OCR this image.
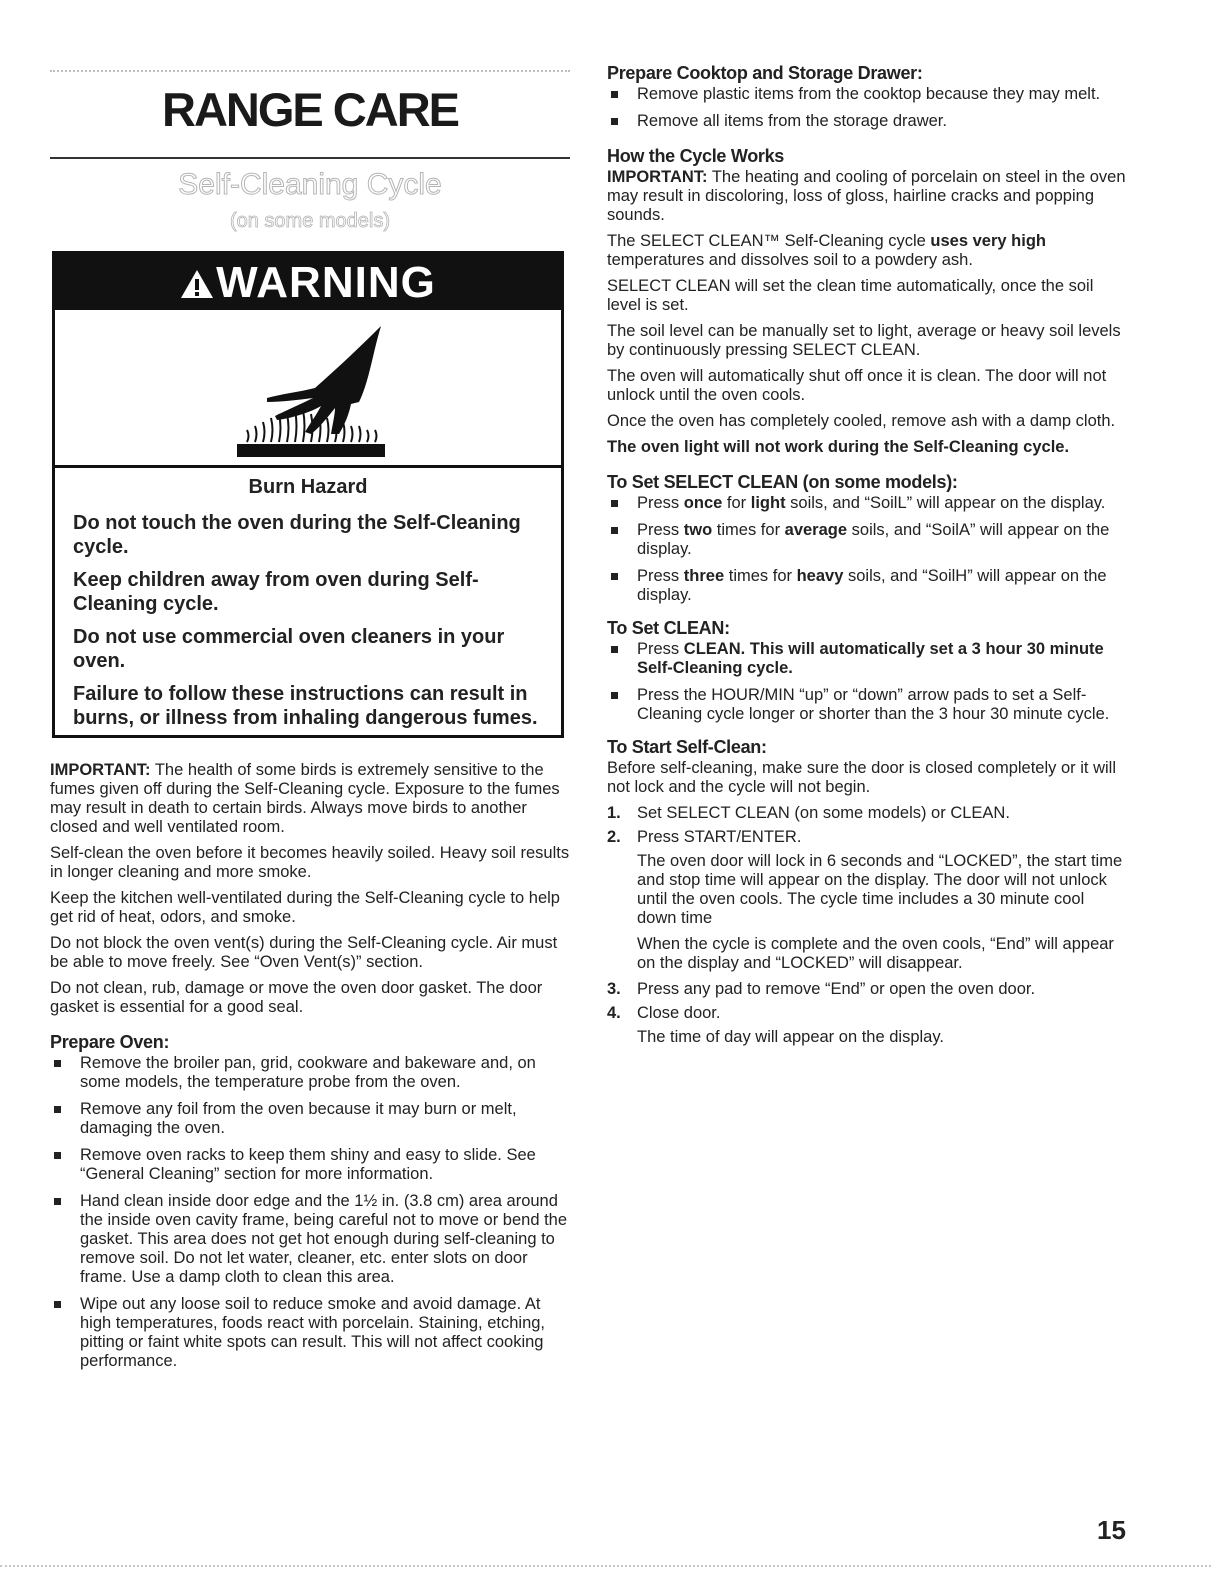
RANGE CARE
Self-Cleaning Cycle
(on some models)
WARNING
Burn Hazard
Do not touch the oven during the Self-Cleaning cycle.
Keep children away from oven during Self-Cleaning cycle.
Do not use commercial oven cleaners in your oven.
Failure to follow these instructions can result in burns, or illness from inhaling dangerous fumes.

IMPORTANT: The health of some birds is extremely sensitive to the fumes given off during the Self-Cleaning cycle. Exposure to the fumes may result in death to certain birds. Always move birds to another closed and well ventilated room.

Self-clean the oven before it becomes heavily soiled. Heavy soil results in longer cleaning and more smoke.

Keep the kitchen well-ventilated during the Self-Cleaning cycle to help get rid of heat, odors, and smoke.

Do not block the oven vent(s) during the Self-Cleaning cycle. Air must be able to move freely. See “Oven Vent(s)” section.

Do not clean, rub, damage or move the oven door gasket. The door gasket is essential for a good seal.

Prepare Oven:
Remove the broiler pan, grid, cookware and bakeware and, on some models, the temperature probe from the oven.
Remove any foil from the oven because it may burn or melt, damaging the oven.
Remove oven racks to keep them shiny and easy to slide. See “General Cleaning” section for more information.
Hand clean inside door edge and the 1½ in. (3.8 cm) area around the inside oven cavity frame, being careful not to move or bend the gasket. This area does not get hot enough during self-cleaning to remove soil. Do not let water, cleaner, etc. enter slots on door frame. Use a damp cloth to clean this area.
Wipe out any loose soil to reduce smoke and avoid damage. At high temperatures, foods react with porcelain. Staining, etching, pitting or faint white spots can result. This will not affect cooking performance.
Prepare Cooktop and Storage Drawer:
Remove plastic items from the cooktop because they may melt.
Remove all items from the storage drawer.
How the Cycle Works

IMPORTANT: The heating and cooling of porcelain on steel in the oven may result in discoloring, loss of gloss, hairline cracks and popping sounds.

The SELECT CLEAN™ Self-Cleaning cycle uses very high temperatures and dissolves soil to a powdery ash.

SELECT CLEAN will set the clean time automatically, once the soil level is set.

The soil level can be manually set to light, average or heavy soil levels by continuously pressing SELECT CLEAN.

The oven will automatically shut off once it is clean. The door will not unlock until the oven cools.

Once the oven has completely cooled, remove ash with a damp cloth.

The oven light will not work during the Self-Cleaning cycle.

To Set SELECT CLEAN (on some models):
Press once for light soils, and “SoilL” will appear on the display.
Press two times for average soils, and “SoilA” will appear on the display.
Press three times for heavy soils, and “SoilH” will appear on the display.
To Set CLEAN:
Press CLEAN. This will automatically set a 3 hour 30 minute Self-Cleaning cycle.
Press the HOUR/MIN “up” or “down” arrow pads to set a Self-Cleaning cycle longer or shorter than the 3 hour 30 minute cycle.
To Start Self-Clean:

Before self-cleaning, make sure the door is closed completely or it will not lock and the cycle will not begin.

1. Set SELECT CLEAN (on some models) or CLEAN.
2. Press START/ENTER.

The oven door will lock in 6 seconds and “LOCKED”, the start time and stop time will appear on the display. The door will not unlock until the oven cools. The cycle time includes a 30 minute cool down time

When the cycle is complete and the oven cools, “End” will appear on the display and “LOCKED” will disappear.

3. Press any pad to remove “End” or open the oven door.
4. Close door.

The time of day will appear on the display.

15
